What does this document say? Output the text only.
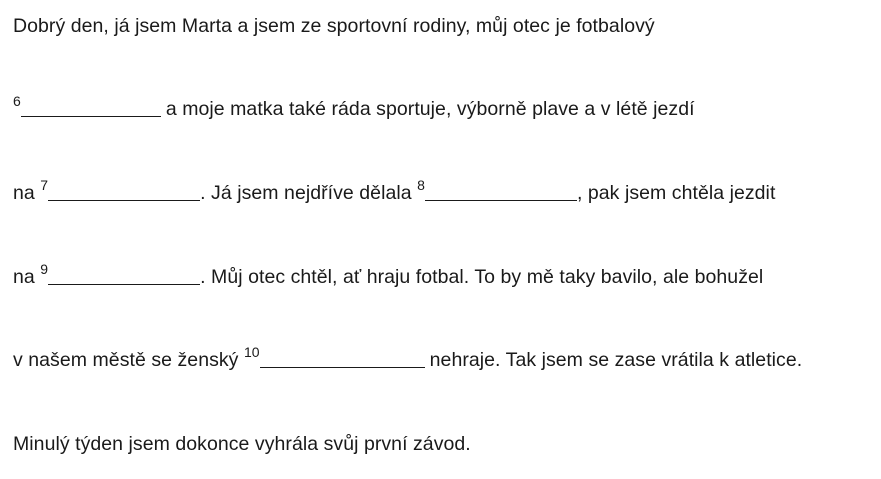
Dobrý den, já jsem Marta a jsem ze sportovní rodiny, můj otec je fotbalový
$^6$	a moje matka také ráda sportuje, výborně plave a v létě jezdí
na $^7$	. Já jsem nejdříve dělala $^8$	, pak jsem chtěla jezdit
na $^9$	. Můj otec chtěl, ať hraju fotbal. To by mě taky bavilo, ale bohužel
v našem městě se ženský $^{10}$	nehraje. Tak jsem se zase vrátila k atletice.
Minulý týden jsem dokonce vyhrála svůj první závod.
